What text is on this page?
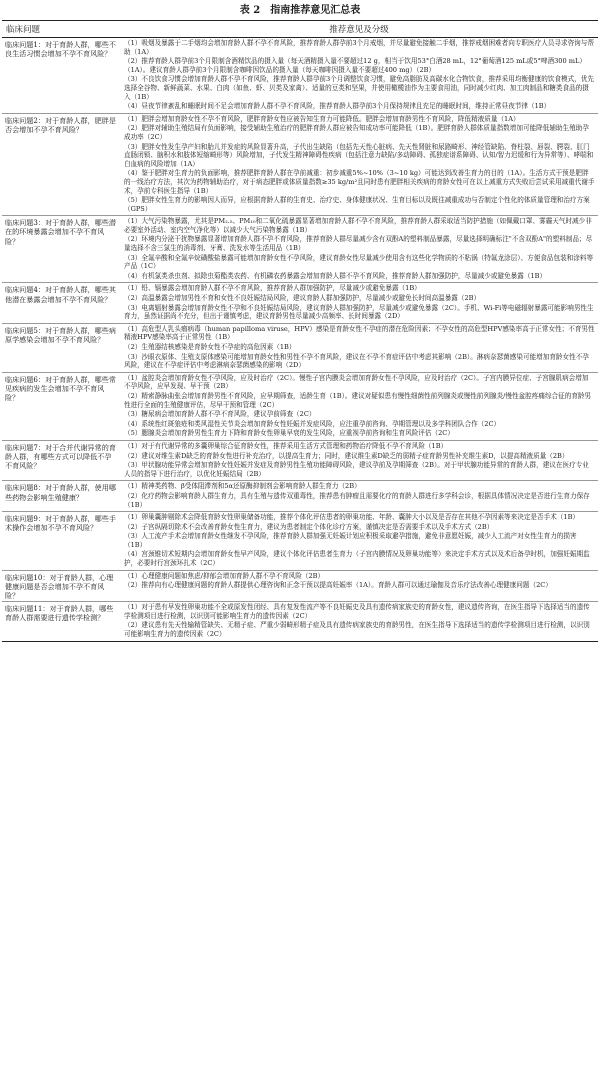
表 2 指南推荐意见汇总表
临床问题	推荐意见及分级
临床问题1：对于育龄人群，哪些不良生活习惯会增加不孕不育风险？	（1）吸烟及暴露于二手烟均会增加育龄人群不孕不育风险，推荐育龄人群孕前3个月戒烟，并尽量避免接触二手烟，推荐戒烟困难者向专职医疗人员寻求咨询与帮助（1A）
（2）推荐育龄人群孕前3个月限制含酒精饮品的摄入量（每天酒精摄入量不要超过12 g，相当于饮用53°白酒28 mL，12°葡萄酒125 mL或5°啤酒300 mL）（1A）。建议育龄人群孕前3个月限制含咖啡因饮品的摄入量（每天咖啡因摄入量不要超过400 mg）（2B）
（3）不良饮食习惯会增加育龄人群不孕不育风险，推荐育龄人群孕前3个月调整饮食习惯，避免高脂肪及高碳水化合物饮食，推荐采用均衡健康的饮食模式，优先选择全谷物、新鲜蔬菜、水果、白肉（如鱼、虾、贝类及家禽）、适量的豆类和坚果，并使用橄榄油作为主要食用油，同时减少红肉、加工肉制品和糖类食品的摄入（1B）
（4）昼夜节律紊乱和睡眠时间不足会增加育龄人群不孕不育风险，推荐育龄人群孕前3个月保持规律且充足的睡眠时间，维持正常昼夜节律（1B）

临床问题2：对于育龄人群，肥胖是否会增加不孕不育风险？	（1）肥胖会增加育龄女性不孕不育风险，肥胖育龄女性应被告知生育力可能降低。肥胖会增加育龄男性不育风险，降低精液质量（1A）
（2）肥胖对辅助生殖结局有负面影响，接受辅助生殖治疗的肥胖育龄人群应被告知成功率可能降低（1B）。肥胖育龄人群体质量指数增加可能降低辅助生殖助孕成功率（2C）
（3）肥胖女性发生孕产妇和胎儿并发症的风险显著升高，子代出生缺陷（包括先天性心脏病、先天性肾脏和尿路畸形、神经管缺陷、脊柱裂、唇裂、腭裂、肛门直肠闭锁、脑积水和肢体短缩畸形等）风险增加，子代发生精神障碍性疾病（包括注意力缺陷/多动障碍、孤独症谱系障碍、认知/智力迟缓和行为异常等）、哮喘和白血病的风险增加（1A）
（4）鉴于肥胖对生育力的负面影响，推荐肥胖育龄人群在孕前减重：初步减重5%~10%（3~10 kg）可能达到改善生育力的目的（1A）。生活方式干预是肥胖的一线治疗方法，其次为药物辅助治疗，对于病态肥胖或体质量指数≥35 kg/m²且同时患有肥胖相关疾病的育龄女性可在以上减重方式失败后尝试采用减重代谢手术，孕前专科医生指导（1B）
（5）肥胖女性生育力的影响因人而异，应根据育龄人群的生育史、治疗史、身体健康状况、生育目标以及既往减重成功与否制定个性化的体质量管理和治疗方案（GPS）

临床问题3：对于育龄人群，哪些潜在的环境暴露会增加不孕不育风险？	（1）大气污染物暴露，尤其是PM₂.₅、PM₁₀和二氧化硫暴露显著增加育龄人群不孕不育风险，推荐育龄人群采取适当防护措施（如佩戴口罩、雾霾天气时减少非必要室外活动、室内空气净化等）以减少大气污染物暴露（1B）
（2）环境内分泌干扰物暴露显著增加育龄人群不孕不育风险，推荐育龄人群尽量减少含有双酚A的塑料制品暴露，尽量选择明确标注"不含双酚A"的塑料制品；尽量选择不含三氯生的消毒剂、牙膏、洗发水等生活用品（1B）
（3）全氟辛酸和全氟辛烷磺酸盐暴露可能增加育龄女性不孕风险，建议育龄女性尽量减少使用含有这些化学物质的不粘锅（特氟龙涂层）、方便食品包装和涂料等产品（1C）
（4）有机氯类杀虫剂、拟除虫菊酯类农药、有机磷农药暴露会增加育龄人群不孕不育风险，推荐育龄人群加强防护，尽量减少或避免暴露（1B）

临床问题4：对于育龄人群，哪些其他潜在暴露会增加不孕不育风险？	（1）铅、镉暴露会增加育龄人群不孕不育风险，推荐育龄人群加强防护，尽量减少或避免暴露（1B）
（2）高温暴露会增加男性不育和女性不良妊娠结局风险，建议育龄人群加强防护，尽量减少或避免长时间高温暴露（2B）
（3）电离辐射暴露会增加育龄女性不孕和不良妊娠结局风险，建议育龄人群加强防护，尽量减少或避免暴露（2C）。手机、Wi-Fi等电磁辐射暴露可能影响男性生育力，虽然证据尚不充分，但出于谨慎考虑，建议育龄男性尽量减少高频率、长时间暴露（2D）

临床问题5：对于育龄人群，哪些病原学感染会增加不孕不育风险？	（1）高危型人乳头瘤病毒（human papilloma viruse，HPV）感染是育龄女性不孕症的潜在危险因素；不孕女性的高危型HPV感染率高于正常女性；不育男性精液HPV感染率高于正常男性（1B）
（2）生殖器结核感染是育龄女性不孕症的高危因素（1B）
（3）沙眼衣原体、生殖支原体感染可能增加育龄女性和男性不孕不育风险，建议在不孕不育症评估中考虑其影响（2B）。淋病奈瑟菌感染可能增加育龄女性不孕风险，建议在不孕症评估中考虑淋病奈瑟菌感染的影响（2D）

临床问题6：对于育龄人群，哪些常见疾病的发生会增加不孕不育风险？	（1）盆腔炎会增加育龄女性不孕风险，应及时治疗（2C）。慢性子宫内膜炎会增加育龄女性不孕风险，应及时治疗（2C）。子宫内膜异位症、子宫腺肌病会增加不孕风险，应早发现、早干预（2B）
（2）精索静脉曲张会增加育龄男性不育风险，应早期筛查，适龄生育（1B）。建议对疑似患有慢性细菌性前列腺炎或慢性前列腺炎/慢性盆腔疼痛综合征的育龄男性进行全面的生殖健康评估，尽早干预和管理（2C）
（3）糖尿病会增加育龄人群不孕不育风险，建议孕前筛查（2C）
（4）系统性红斑狼疮和类风湿性关节炎会增加育龄女性妊娠并发症风险，应注重孕前咨询、孕期管理以及多学科团队合作（2C）
（5）腮腺炎会增加育龄男性生育力下降和育龄女性卵巢早衰的发生风险，应重视孕前咨询和生育风险评估（2C）

临床问题7：对于合并代谢异常的育龄人群，有哪些方式可以降低不孕不育风险？	（1）对于有代谢异常的多囊卵巢综合征育龄女性，推荐采用生活方式管理和药物治疗降低不孕不育风险（1B）
（2）建议对维生素D缺乏的育龄女性进行补充治疗，以提高生育力；同时，建议维生素D缺乏的弱精子症育龄男性补充维生素D，以提高精液质量（2B）
（3）甲状腺功能异常会增加育龄女性妊娠并发症及育龄男性生殖功能障碍风险，建议孕前及孕期筛查（2B）。对于甲状腺功能异常的育龄人群，建议在医疗专业人员的指导下进行治疗，以优化妊娠结局（2B）

临床问题8：对于育龄人群，使用哪些药物会影响生殖健康？	（1）精神类药物、β受体阻滞剂和5α还原酶抑制剂会影响育龄人群生育力（2B）
（2）化疗药物会影响育龄人群生育力，具有生殖与遗传双重毒性，推荐患有肿瘤且需要化疗的育龄人群进行多学科会诊，根据具体情况决定是否进行生育力保存（1B）

临床问题9：对于育龄人群，哪些手术操作会增加不孕不育风险？	（1）卵巢囊肿剔除术会降低育龄女性卵巢储备功能，推荐个体化评估患者的卵巢功能、年龄、囊肿大小以及是否存在其他不孕因素等来决定是否手术（1B）
（2）子宫纵隔切除术不会改善育龄女性生育力，建议为患者制定个体化诊疗方案，谨慎决定是否需要手术以及手术方式（2B）
（3）人工流产手术会增加育龄女性继发不孕风险，推荐育龄人群加强无妊娠计划应积极采取避孕措施，避免非意愿妊娠，减少人工流产对女性生育力的损害（1B）
（4）宫颈锥切术短期内会增加育龄女性早产风险，建议个体化评估患者生育力（子宫内膜情况及卵巢功能等）来决定手术方式以及术后备孕时机，加强妊娠期监护，必要时行宫颈环扎术（2C）

临床问题10：对于育龄人群，心理健康问题是否会增加不孕不育风险？	（1）心理健康问题如焦虑/抑郁会增加育龄人群不孕不育风险（2B）
（2）推荐向有心理健康问题的育龄人群提供心理咨询和正念干预以提高妊娠率（1A）。育龄人群可以通过瑜伽及音乐疗法改善心理健康问题（2C）

临床问题11：对于育龄人群，哪些育龄人群需要进行遗传学检测？	（1）对于患有早发性卵巢功能不全或原发性闭经、具有复发性流产等不良妊娠史及具有遗传病家族史的育龄女性，建议遗传咨询，在医生指导下选择适当的遗传学检测项目进行检测，以识别可能影响生育力的遗传因素（2C）
（2）建议患有先天性输精管缺失、无精子症、严重少弱畸形精子症及具有遗传病家族史的育龄男性，在医生指导下选择适当的遗传学检测项目进行检测，以识别可能影响生育力的遗传因素（2C）
